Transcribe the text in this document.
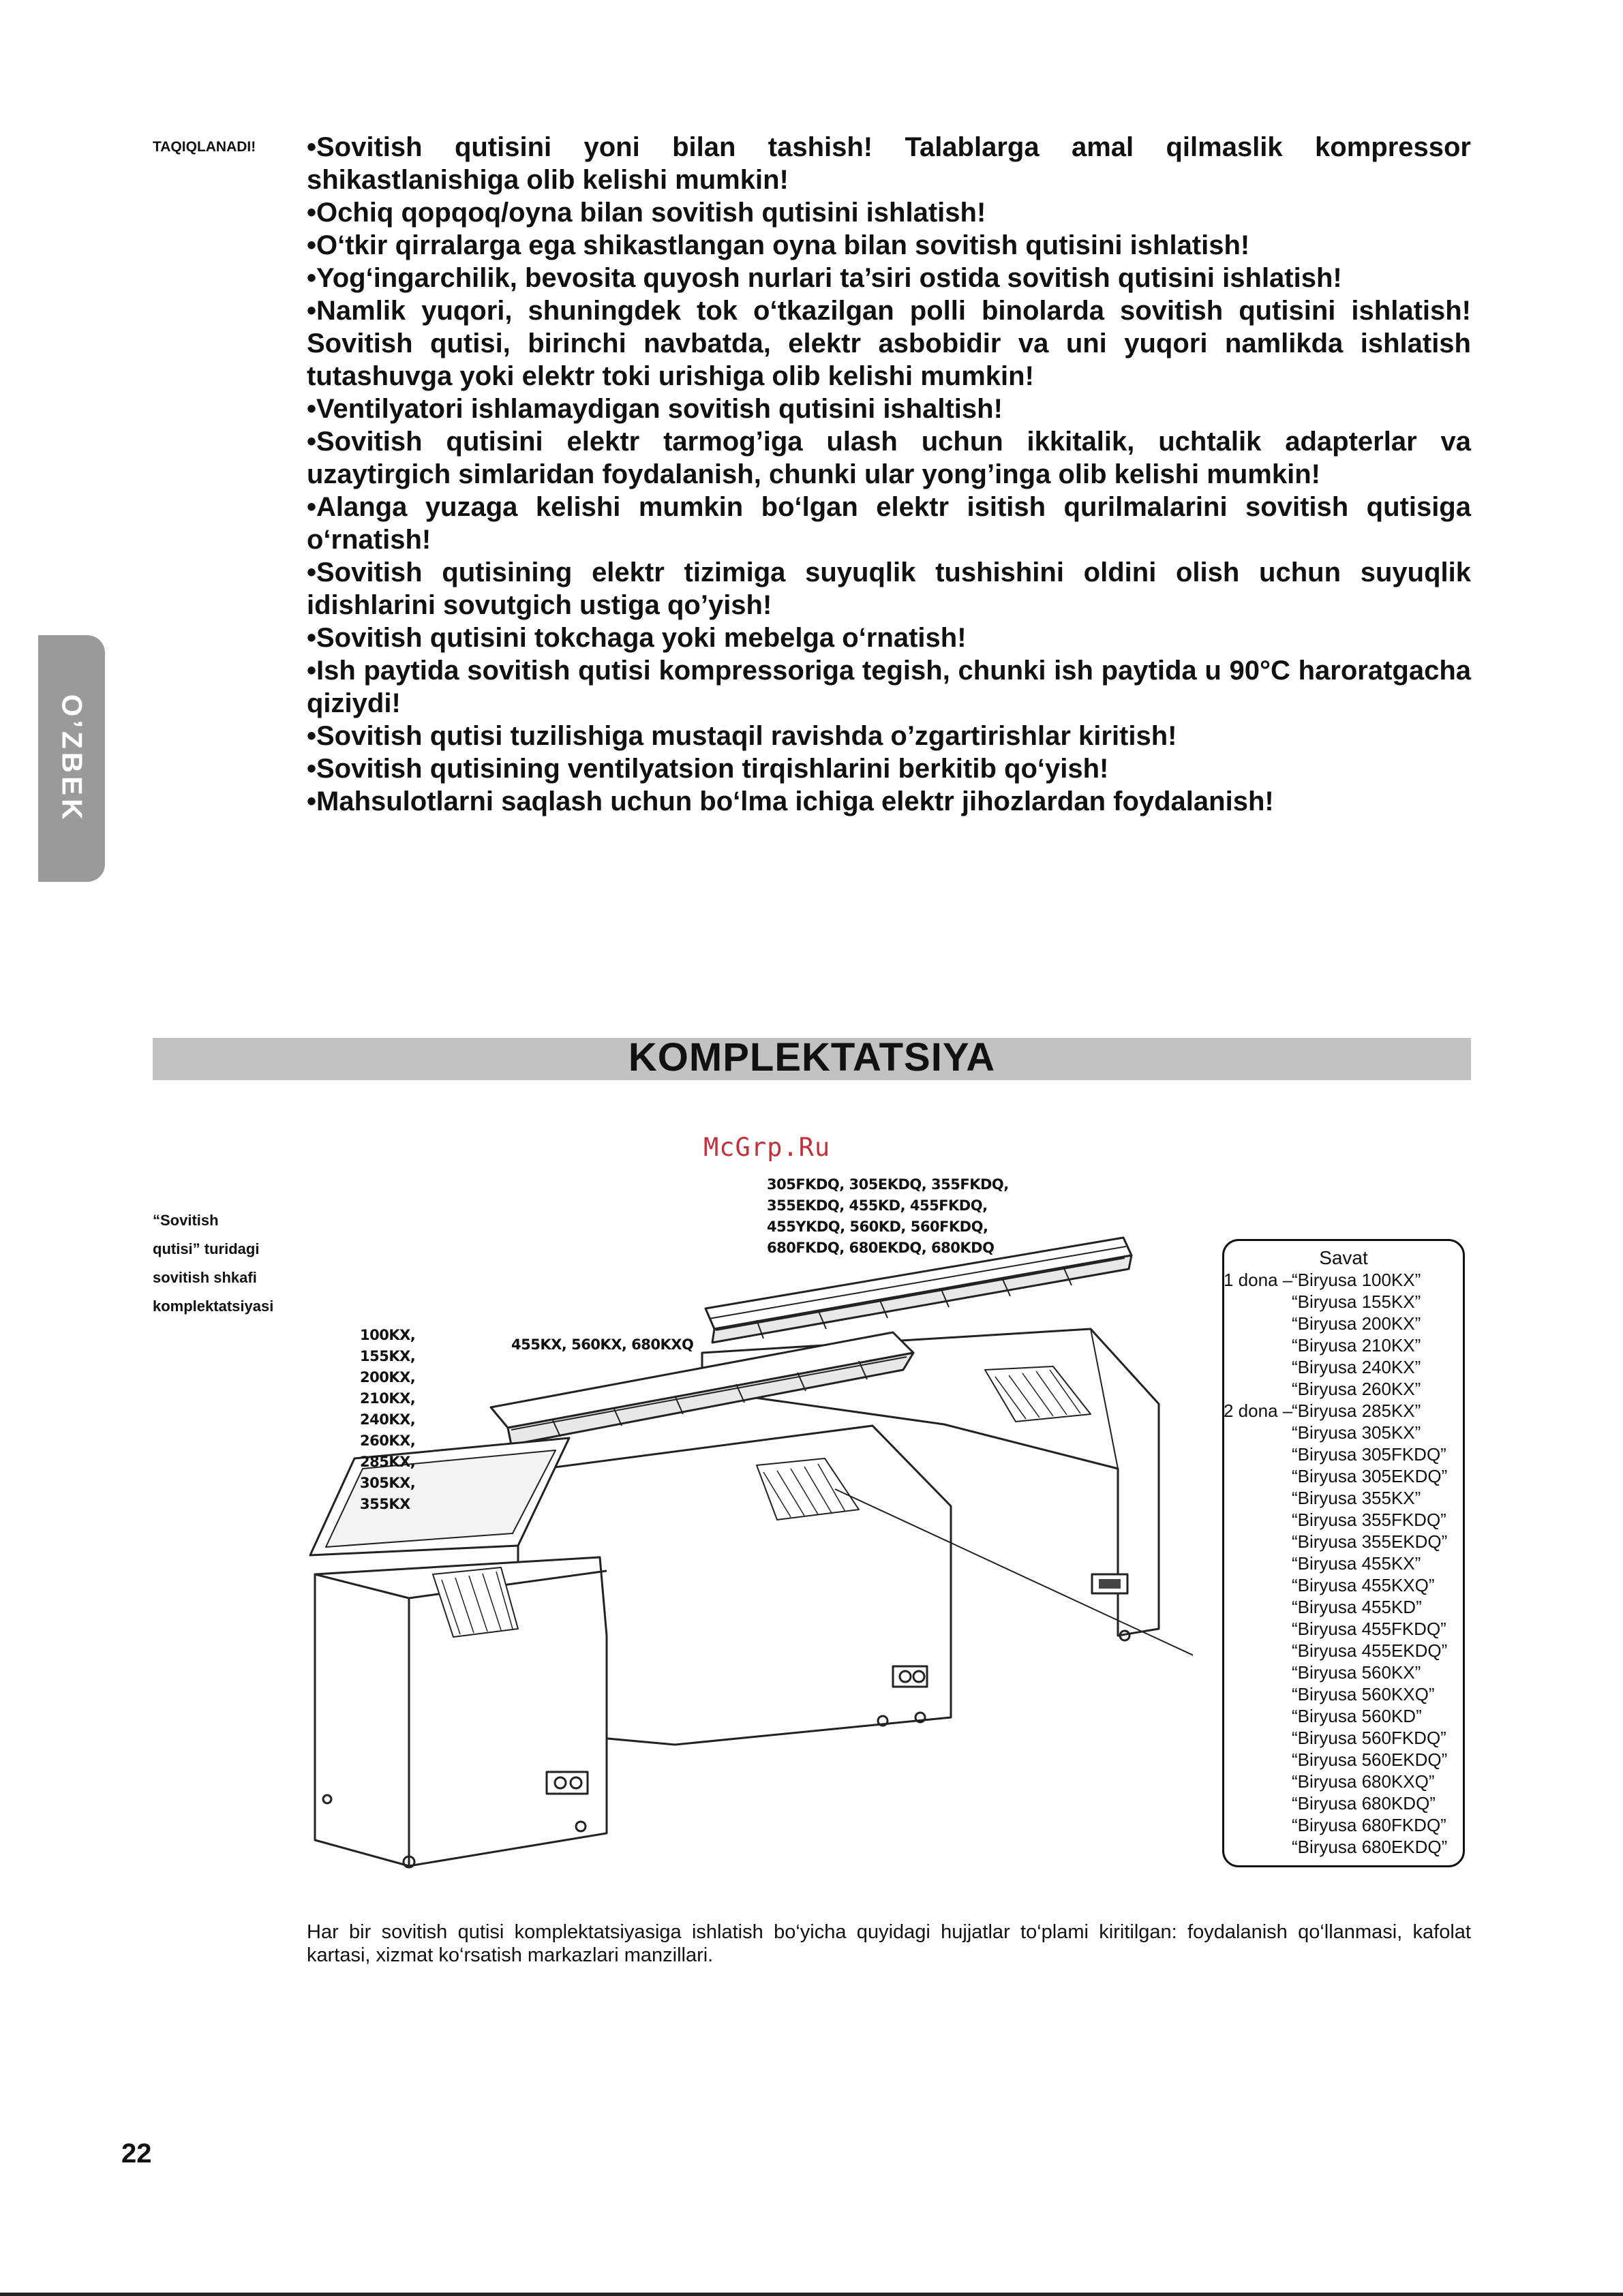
O’ZBEK
TAQIQLANADI! •Sovitish qutisini yoni bilan tashish! Talablarga amal qilmaslik kompressor shikastlanishiga olib kelishi mumkin!

•Ochiq qopqoq/oyna bilan sovitish qutisini ishlatish!

•O‘tkir qirralarga ega shikastlangan oyna bilan sovitish qutisini ishlatish!

•Yog‘ingarchilik, bevosita quyosh nurlari ta’siri ostida sovitish qutisini ishlatish!

•Namlik yuqori, shuningdek tok o‘tkazilgan polli binolarda sovitish qutisini ishlatish! Sovitish qutisi, birinchi navbatda, elektr asbobidir va uni yuqori namlikda ishlatish tutashuvga yoki elektr toki urishiga olib kelishi mumkin!

•Ventilyatori ishlamaydigan sovitish qutisini ishaltish!

•Sovitish qutisini elektr tarmog’iga ulash uchun ikkitalik, uchtalik adapterlar va uzaytirgich simlaridan foydalanish, chunki ular yong’inga olib kelishi mumkin!

•Alanga yuzaga kelishi mumkin bo‘lgan elektr isitish qurilmalarini sovitish qutisiga o‘rnatish!

•Sovitish qutisining elektr tizimiga suyuqlik tushishini oldini olish uchun suyuqlik idishlarini sovutgich ustiga qo’yish!

•Sovitish qutisini tokchaga yoki mebelga o‘rnatish!

•Ish paytida sovitish qutisi kompressoriga tegish, chunki ish paytida u 90°C haroratgacha qiziydi!

•Sovitish qutisi tuzilishiga mustaqil ravishda o’zgartirishlar kiritish!

•Sovitish qutisining ventilyatsion tirqishlarini berkitib qo‘yish!

•Mahsulotlarni saqlash uchun bo‘lma ichiga elektr jihozlardan foydalanish!

KOMPLEKTATSIYA
McGrp.Ru
“Sovitish
qutisi” turidagi
sovitish shkafi
komplektatsiyasi
100KX, 155KX,
200KX, 210KX,
240KX, 260KX,
285KX, 305KX,
355KX
455KX, 560KX, 680KXQ
305FKDQ, 305EKDQ, 355FKDQ,
355EKDQ, 455KD, 455FKDQ,
455YKDQ, 560KD, 560FKDQ,
680FKDQ, 680EKDQ, 680KDQ	Savat
1 dona –
“Biryusa 100KX”
“Biryusa 155KX”
“Biryusa 200KX”
“Biryusa 210KX”
“Biryusa 240KX”
“Biryusa 260KX”
2 dona –
“Biryusa 285KX”
“Biryusa 305KX”
“Biryusa 305FKDQ”
“Biryusa 305EKDQ”
“Biryusa 355KX”
“Biryusa 355FKDQ”
“Biryusa 355EKDQ”
“Biryusa 455KX”
“Biryusa 455KXQ”
“Biryusa 455KD”
“Biryusa 455FKDQ”
“Biryusa 455EKDQ”
“Biryusa 560KX”
“Biryusa 560KXQ”
“Biryusa 560KD”
“Biryusa 560FKDQ”
“Biryusa 560EKDQ”
“Biryusa 680KXQ”
“Biryusa 680KDQ”
“Biryusa 680FKDQ”
“Biryusa 680EKDQ”
Har bir sovitish qutisi komplektatsiyasiga ishlatish bo‘yicha quyidagi hujjatlar to‘plami kiritilgan: foydalanish qo‘llanmasi, kafolat kartasi, xizmat ko‘rsatish markazlari manzillari.
22
